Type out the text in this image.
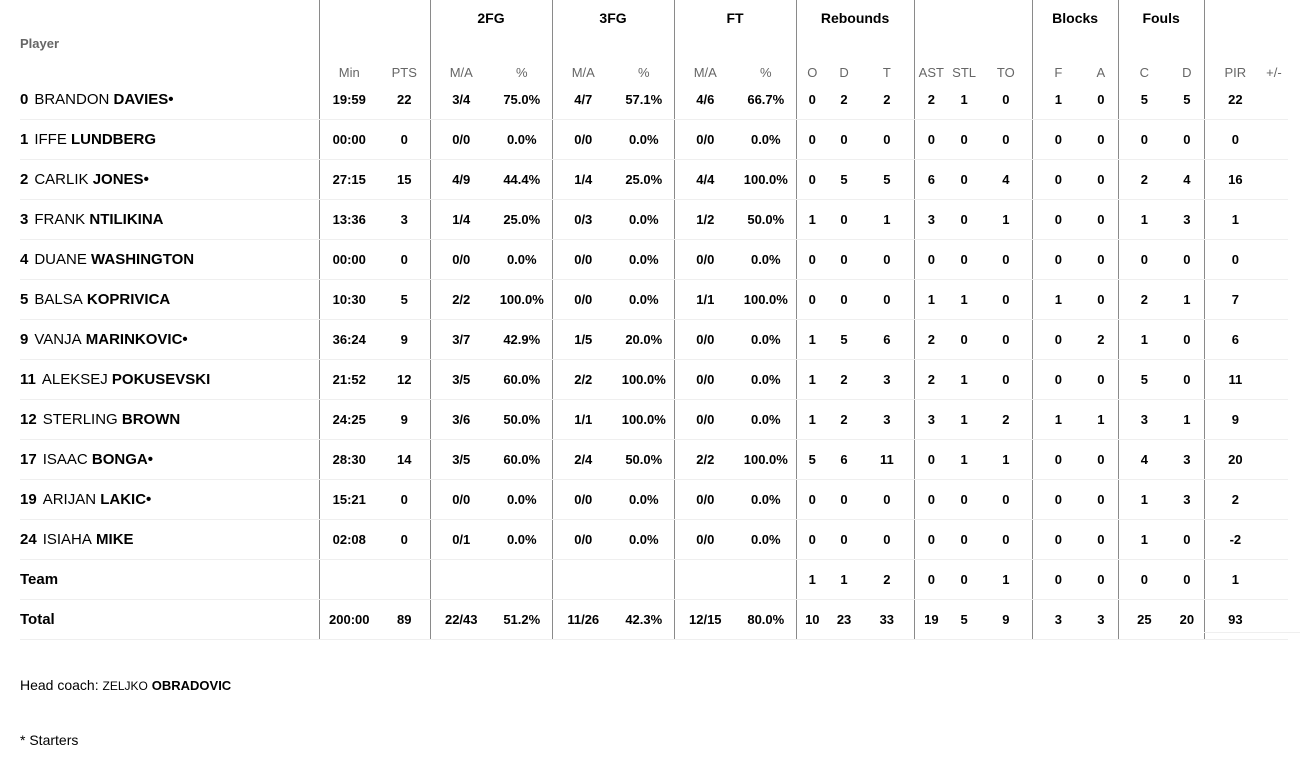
			2FG		3FG		FT		Rebounds						Blocks		Fouls			
Player	Min	PTS	M/A	%	M/A	%	M/A	%	O	D	T	AST	STL	TO	F	A	C	D	PIR	+/-
0 BRANDON DAVIES•	19:59	22	3/4	75.0%	4/7	57.1%	4/6	66.7%	0	2	2	2	1	0	1	0	5	5	22	
1 IFFE LUNDBERG	00:00	0	0/0	0.0%	0/0	0.0%	0/0	0.0%	0	0	0	0	0	0	0	0	0	0	0	
2 CARLIK JONES•	27:15	15	4/9	44.4%	1/4	25.0%	4/4	100.0%	0	5	5	6	0	4	0	0	2	4	16	
3 FRANK NTILIKINA	13:36	3	1/4	25.0%	0/3	0.0%	1/2	50.0%	1	0	1	3	0	1	0	0	1	3	1	
4 DUANE WASHINGTON	00:00	0	0/0	0.0%	0/0	0.0%	0/0	0.0%	0	0	0	0	0	0	0	0	0	0	0	
5 BALSA KOPRIVICA	10:30	5	2/2	100.0%	0/0	0.0%	1/1	100.0%	0	0	0	1	1	0	1	0	2	1	7	
9 VANJA MARINKOVIC•	36:24	9	3/7	42.9%	1/5	20.0%	0/0	0.0%	1	5	6	2	0	0	0	2	1	0	6	
11 ALEKSEJ POKUSEVSKI	21:52	12	3/5	60.0%	2/2	100.0%	0/0	0.0%	1	2	3	2	1	0	0	0	5	0	11	
12 STERLING BROWN	24:25	9	3/6	50.0%	1/1	100.0%	0/0	0.0%	1	2	3	3	1	2	1	1	3	1	9	
17 ISAAC BONGA•	28:30	14	3/5	60.0%	2/4	50.0%	2/2	100.0%	5	6	11	0	1	1	0	0	4	3	20	
19 ARIJAN LAKIC•	15:21	0	0/0	0.0%	0/0	0.0%	0/0	0.0%	0	0	0	0	0	0	0	0	1	3	2	
24 ISIAHA MIKE	02:08	0	0/1	0.0%	0/0	0.0%	0/0	0.0%	0	0	0	0	0	0	0	0	1	0	-2	
Team									1	1	2	0	0	1	0	0	0	0	1	
Total	200:00	89	22/43	51.2%	11/26	42.3%	12/15	80.0%	10	23	33	19	5	9	3	3	25	20	93	
Head coach: ZELJKO OBRADOVIC
* Starters
